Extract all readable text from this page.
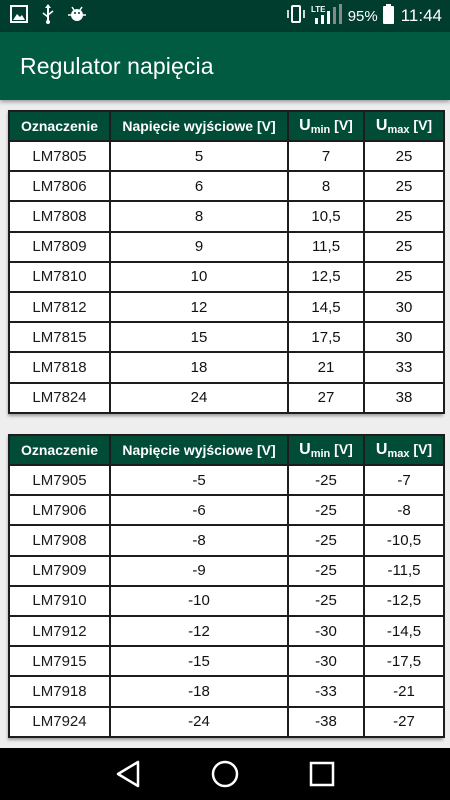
LTE 95% 11:44
Regulator napięcia
Oznaczenie	Napięcie wyjściowe [V]	$U_{min}$ [V]	$U_{max}$ [V]
LM7805	5	7	25
LM7806	6	8	25
LM7808	8	10,5	25
LM7809	9	11,5	25
LM7810	10	12,5	25
LM7812	12	14,5	30
LM7815	15	17,5	30
LM7818	18	21	33
LM7824	24	27	38
Oznaczenie	Napięcie wyjściowe [V]	$U_{min}$ [V]	$U_{max}$ [V]
LM7905	-5	-25	-7
LM7906	-6	-25	-8
LM7908	-8	-25	-10,5
LM7909	-9	-25	-11,5
LM7910	-10	-25	-12,5
LM7912	-12	-30	-14,5
LM7915	-15	-30	-17,5
LM7918	-18	-33	-21
LM7924	-24	-38	-27
